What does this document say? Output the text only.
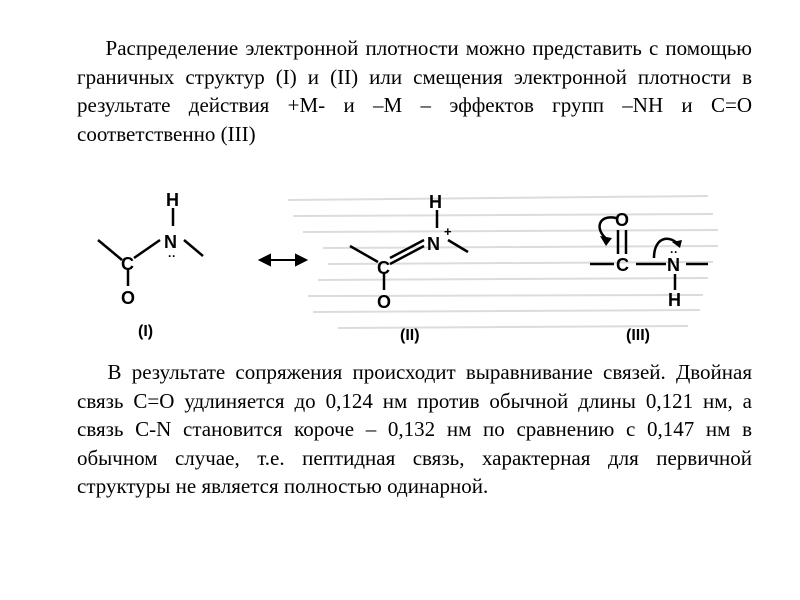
Распределение электронной плотности можно представить с помощью граничных структур (I) и (II) или смещения электронной плотности в результате действия +М- и –М – эффектов групп –NH и С=О соответственно (III)

H
N
··
C
O
(I)
H
N
+
C
O
(II)
O
C N
··
H
(III)

В результате сопряжения происходит выравнивание связей. Двойная связь С=О удлиняется до 0,124 нм против обычной длины 0,121 нм, а связь C-N становится короче – 0,132 нм по сравнению с 0,147 нм в обычном случае, т.е. пептидная связь, характерная для первичной структуры не является полностью одинарной.
